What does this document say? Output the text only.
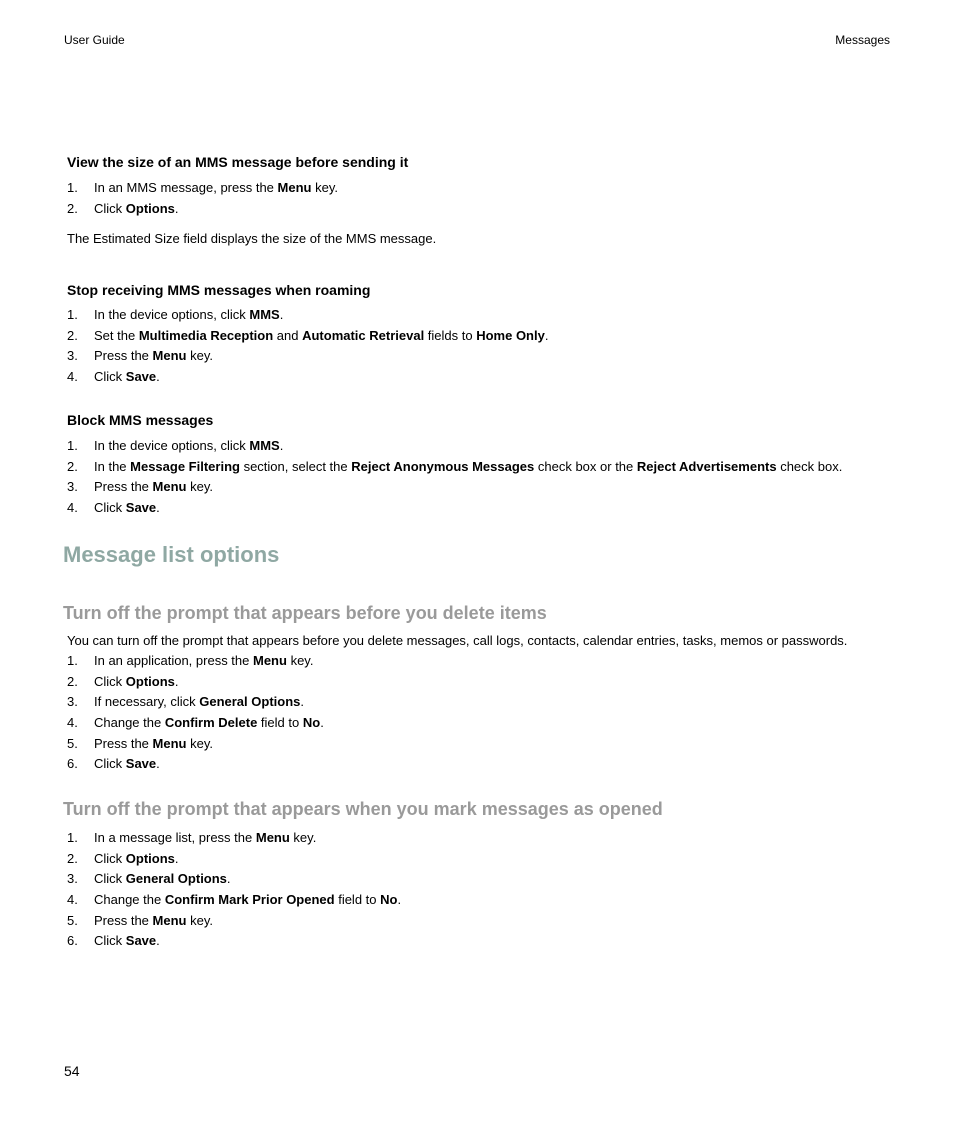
User Guide	Messages
View the size of an MMS message before sending it
1. In an MMS message, press the Menu key.
2. Click Options.
The Estimated Size field displays the size of the MMS message.
Stop receiving MMS messages when roaming
1. In the device options, click MMS.
2. Set the Multimedia Reception and Automatic Retrieval fields to Home Only.
3. Press the Menu key.
4. Click Save.
Block MMS messages
1. In the device options, click MMS.
2. In the Message Filtering section, select the Reject Anonymous Messages check box or the Reject Advertisements check box.
3. Press the Menu key.
4. Click Save.
Message list options
Turn off the prompt that appears before you delete items
You can turn off the prompt that appears before you delete messages, call logs, contacts, calendar entries, tasks, memos or passwords.
1. In an application, press the Menu key.
2. Click Options.
3. If necessary, click General Options.
4. Change the Confirm Delete field to No.
5. Press the Menu key.
6. Click Save.
Turn off the prompt that appears when you mark messages as opened
1. In a message list, press the Menu key.
2. Click Options.
3. Click General Options.
4. Change the Confirm Mark Prior Opened field to No.
5. Press the Menu key.
6. Click Save.
54
